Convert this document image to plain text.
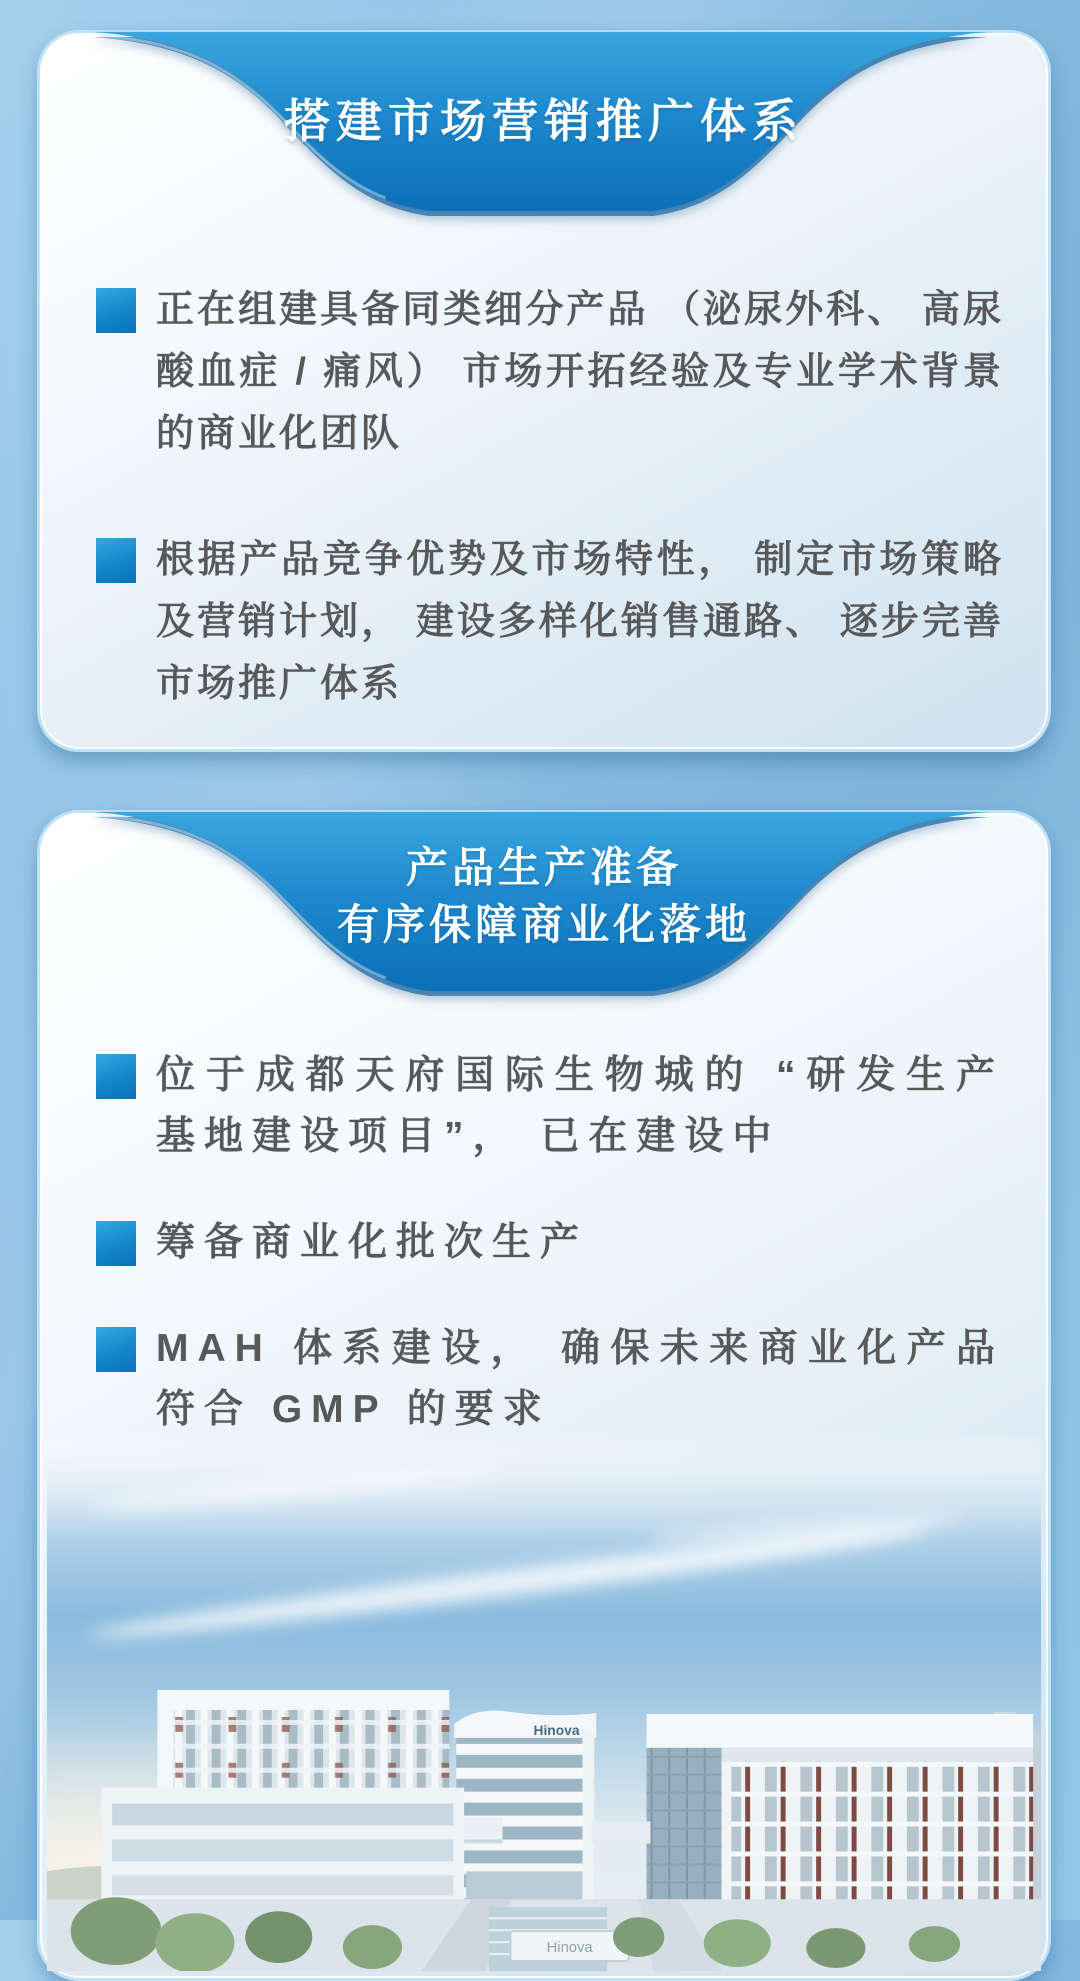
搭建市场营销推广体系

正在组建具备同类细分产品 （泌尿外科、 高尿酸血症 / 痛风） 市场开拓经验及专业学术背景的商业化团队

根据产品竞争优势及市场特性， 制定市场策略及营销计划， 建设多样化销售通路、 逐步完善市场推广体系

产品生产准备
有序保障商业化落地

位于成都天府国际生物城的 “研发生产基地建设项目”， 已在建设中

筹备商业化批次生产

MAH 体系建设， 确保未来商业化产品符合 GMP 的要求

Hinova
Hinova
